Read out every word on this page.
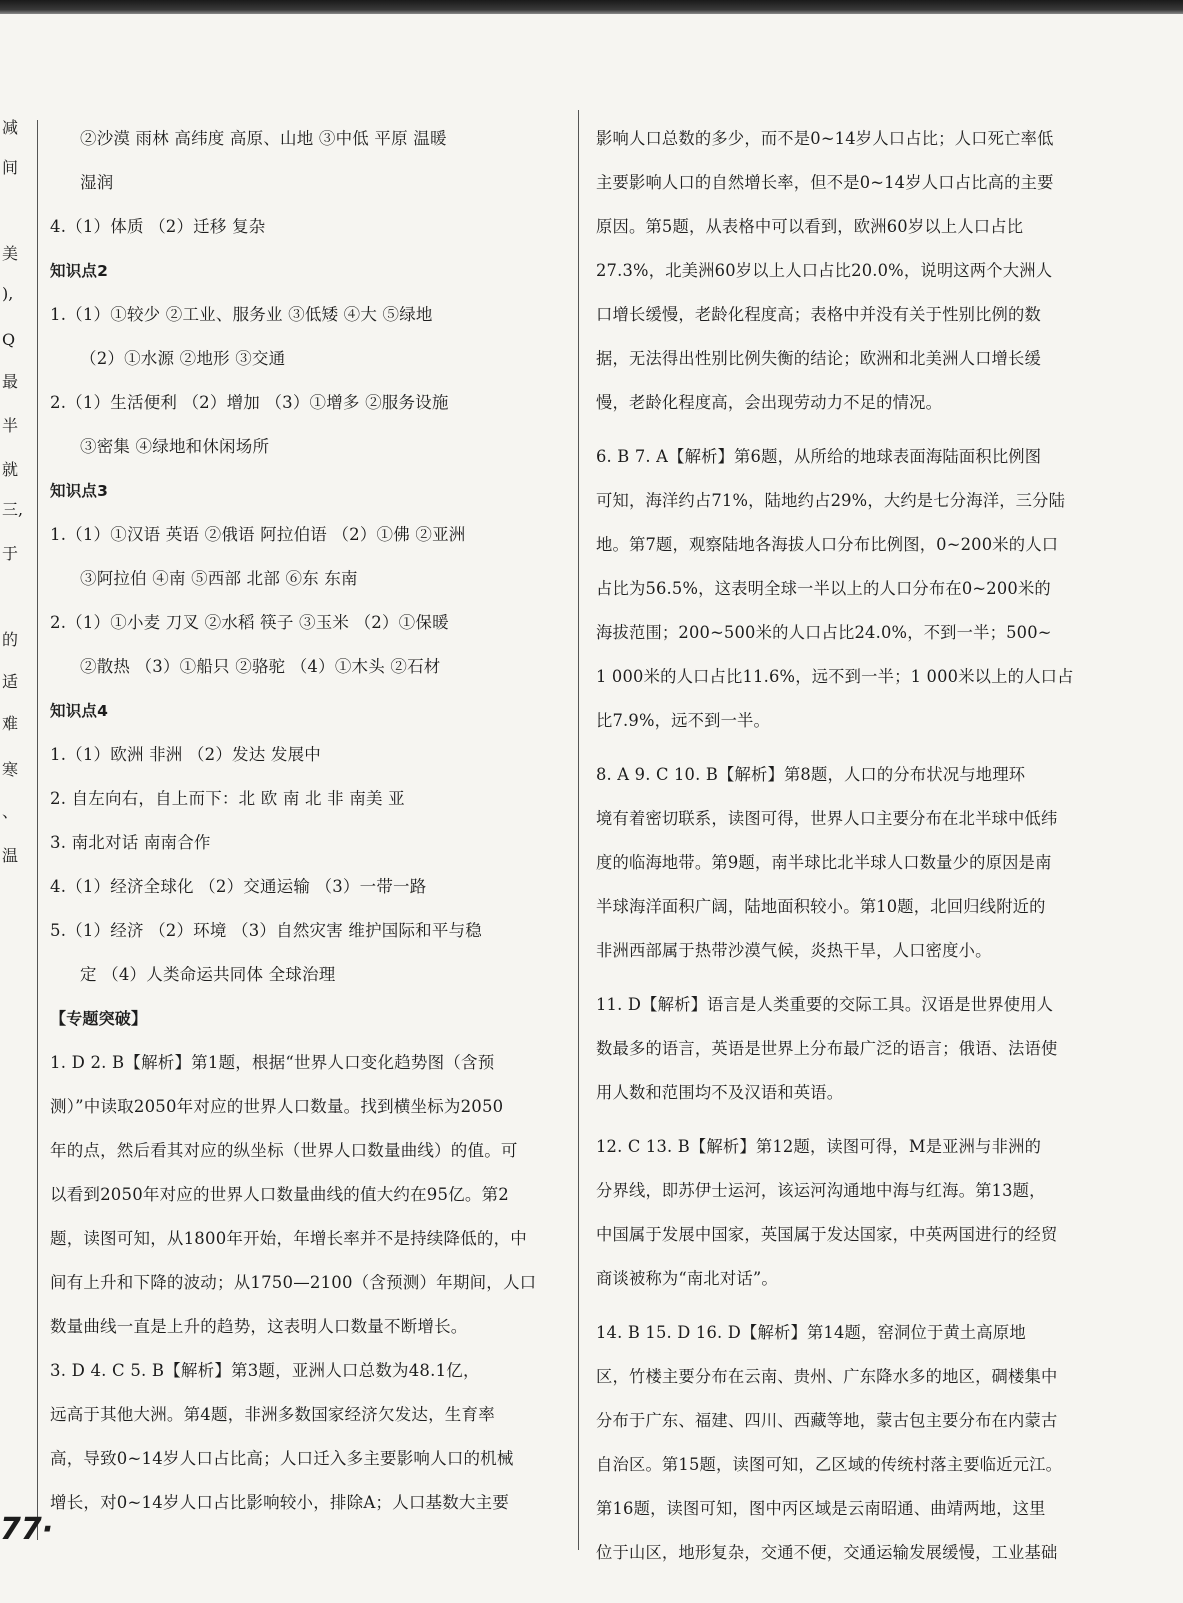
减
间
美
),
Q
最
半
就
三,
于
的
适
难
寒
、
温

②沙漠 雨林 高纬度 高原、山地 ③中低 平原 温暖

湿润

4.（1）体质 （2）迁移 复杂

知识点2

1.（1）①较少 ②工业、服务业 ③低矮 ④大 ⑤绿地

（2）①水源 ②地形 ③交通

2.（1）生活便利 （2）增加 （3）①增多 ②服务设施

③密集 ④绿地和休闲场所

知识点3

1.（1）①汉语 英语 ②俄语 阿拉伯语 （2）①佛 ②亚洲

③阿拉伯 ④南 ⑤西部 北部 ⑥东 东南

2.（1）①小麦 刀叉 ②水稻 筷子 ③玉米 （2）①保暖

②散热 （3）①船只 ②骆驼 （4）①木头 ②石材

知识点4

1.（1）欧洲 非洲 （2）发达 发展中

2. 自左向右，自上而下：北 欧 南 北 非 南美 亚

3. 南北对话 南南合作

4.（1）经济全球化 （2）交通运输 （3）一带一路

5.（1）经济 （2）环境 （3）自然灾害 维护国际和平与稳

定 （4）人类命运共同体 全球治理

【专题突破】

1. D 2. B【解析】第1题，根据“世界人口变化趋势图（含预

测）”中读取2050年对应的世界人口数量。找到横坐标为2050

年的点，然后看其对应的纵坐标（世界人口数量曲线）的值。可

以看到2050年对应的世界人口数量曲线的值大约在95亿。第2

题，读图可知，从1800年开始，年增长率并不是持续降低的，中

间有上升和下降的波动；从1750—2100（含预测）年期间，人口

数量曲线一直是上升的趋势，这表明人口数量不断增长。

3. D 4. C 5. B【解析】第3题，亚洲人口总数为48.1亿，

远高于其他大洲。第4题，非洲多数国家经济欠发达，生育率

高，导致0~14岁人口占比高；人口迁入多主要影响人口的机械

增长，对0~14岁人口占比影响较小，排除A；人口基数大主要

影响人口总数的多少，而不是0~14岁人口占比；人口死亡率低

主要影响人口的自然增长率，但不是0~14岁人口占比高的主要

原因。第5题，从表格中可以看到，欧洲60岁以上人口占比

27.3%，北美洲60岁以上人口占比20.0%，说明这两个大洲人

口增长缓慢，老龄化程度高；表格中并没有关于性别比例的数

据，无法得出性别比例失衡的结论；欧洲和北美洲人口增长缓

慢，老龄化程度高，会出现劳动力不足的情况。

6. B 7. A【解析】第6题，从所给的地球表面海陆面积比例图

可知，海洋约占71%，陆地约占29%，大约是七分海洋，三分陆

地。第7题，观察陆地各海拔人口分布比例图，0~200米的人口

占比为56.5%，这表明全球一半以上的人口分布在0~200米的

海拔范围；200~500米的人口占比24.0%，不到一半；500~

1 000米的人口占比11.6%，远不到一半；1 000米以上的人口占

比7.9%，远不到一半。

8. A 9. C 10. B【解析】第8题，人口的分布状况与地理环

境有着密切联系，读图可得，世界人口主要分布在北半球中低纬

度的临海地带。第9题，南半球比北半球人口数量少的原因是南

半球海洋面积广阔，陆地面积较小。第10题，北回归线附近的

非洲西部属于热带沙漠气候，炎热干旱，人口密度小。

11. D【解析】语言是人类重要的交际工具。汉语是世界使用人

数最多的语言，英语是世界上分布最广泛的语言；俄语、法语使

用人数和范围均不及汉语和英语。

12. C 13. B【解析】第12题，读图可得，M是亚洲与非洲的

分界线，即苏伊士运河，该运河沟通地中海与红海。第13题，

中国属于发展中国家，英国属于发达国家，中英两国进行的经贸

商谈被称为“南北对话”。

14. B 15. D 16. D【解析】第14题，窑洞位于黄土高原地

区，竹楼主要分布在云南、贵州、广东降水多的地区，碉楼集中

分布于广东、福建、四川、西藏等地，蒙古包主要分布在内蒙古

自治区。第15题，读图可知，乙区域的传统村落主要临近元江。

第16题，读图可知，图中丙区域是云南昭通、曲靖两地，这里

位于山区，地形复杂，交通不便，交通运输发展缓慢，工业基础

77·
